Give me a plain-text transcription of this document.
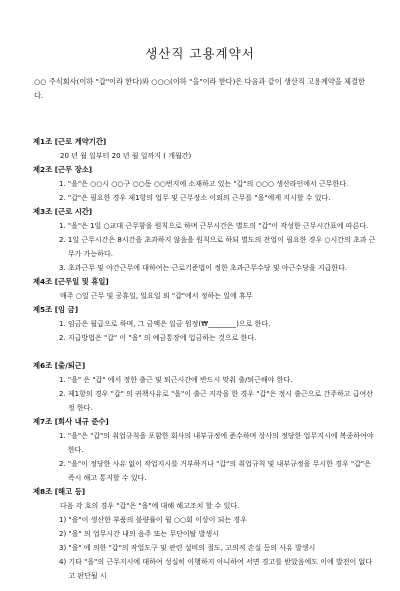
생산직 고용계약서
○○ 주식회사(이하 "갑"이라 한다)와 ○○○(이하 "을"이라 한다)은 다음과 같이 생산직 고용계약을 체결한다.
제1조 [근로 계약기간]
20 년 월 일부터 20 년 월 일까지 ( 개월간)
제2조 [근무 장소]
1. "을"은 ○○시 ○○구 ○○동 ○○번지에 소재하고 있는 "갑"의 ○○○ 생산라인에서 근무한다.
2. "갑"은 필요한 경우 제1항의 업무 및 근무장소 이외의 근무를 "을"에게 지시할 수 있다.
제3조 [근로 시간]
1. "을"은 1일 ○교대 근무함을 원칙으로 하며 근무시간은 별도의 "갑"이 작성한 근무시간표에 따른다.
2. 1일 근무시간은 8시간을 초과하지 않음을 원칙으로 하되 별도의 잔업이 필요한 경우 ○시간의 초과 근무가 가능하다.
3. 초과근무 및 야간근무에 대하여는 근로기준법이 정한 초과근무수당 및 야근수당을 지급한다.
제4조 [근무일 및 휴일]
매주 ○일 근무 및 공휴일, 일요일 외 "갑"에서 정하는 일에 휴무
제5조 [임 금]
1. 임금은 월급으로 하며, 그 금액은 일금 원정(₩________)으로 한다.
2. 지급방법은 "갑" 이 "을" 의 예금통장에 입금하는 것으로 한다.
제6조 [출/퇴근]
1. "을" 은 "갑" 에서 정한 출근 및 퇴근시간에 반드시 맞춰 출/퇴근해야 한다.
2. 제1항의 경우 "갑" 의 귀책사유로 "을"이 출근 지각을 한 경우 "갑"은 정시 출근으로 간주하고 급여산정 한다.
제7조 [회사 내규 준수]
1. "을"은 "갑"의 취업규칙을 포함한 회사의 내부규정에 준수하며 상사의 정당한 업무지시에 복종하여야 한다.
2. "을"이 정당한 사유 없이 작업지시를 거부하거나 "갑"의 취업규칙 및 내부규정을 무시한 경우 "갑"은 즉시 해고 통지할 수 있다.
제8조 [해고 등]
다음 각 호의 경우 "갑"은 "을"에 대해 해고조치 할 수 있다.
1) "을"이 생산한 부품의 불량률이 월 ○○회 이상이 되는 경우
2) "을" 의 업무시간 내의 음주 또는 무단이탈 발생시
3) "을" 에 의한 "갑"의 작업도구 및 관련 설비의 절도, 고의적 손실 등의 사유 발생시
4) 기타 "을"의 근무지시에 대하여 성실히 이행하지 아니하여 서면 경고를 받았음에도 이에 발전이 없다고 판단될 시
